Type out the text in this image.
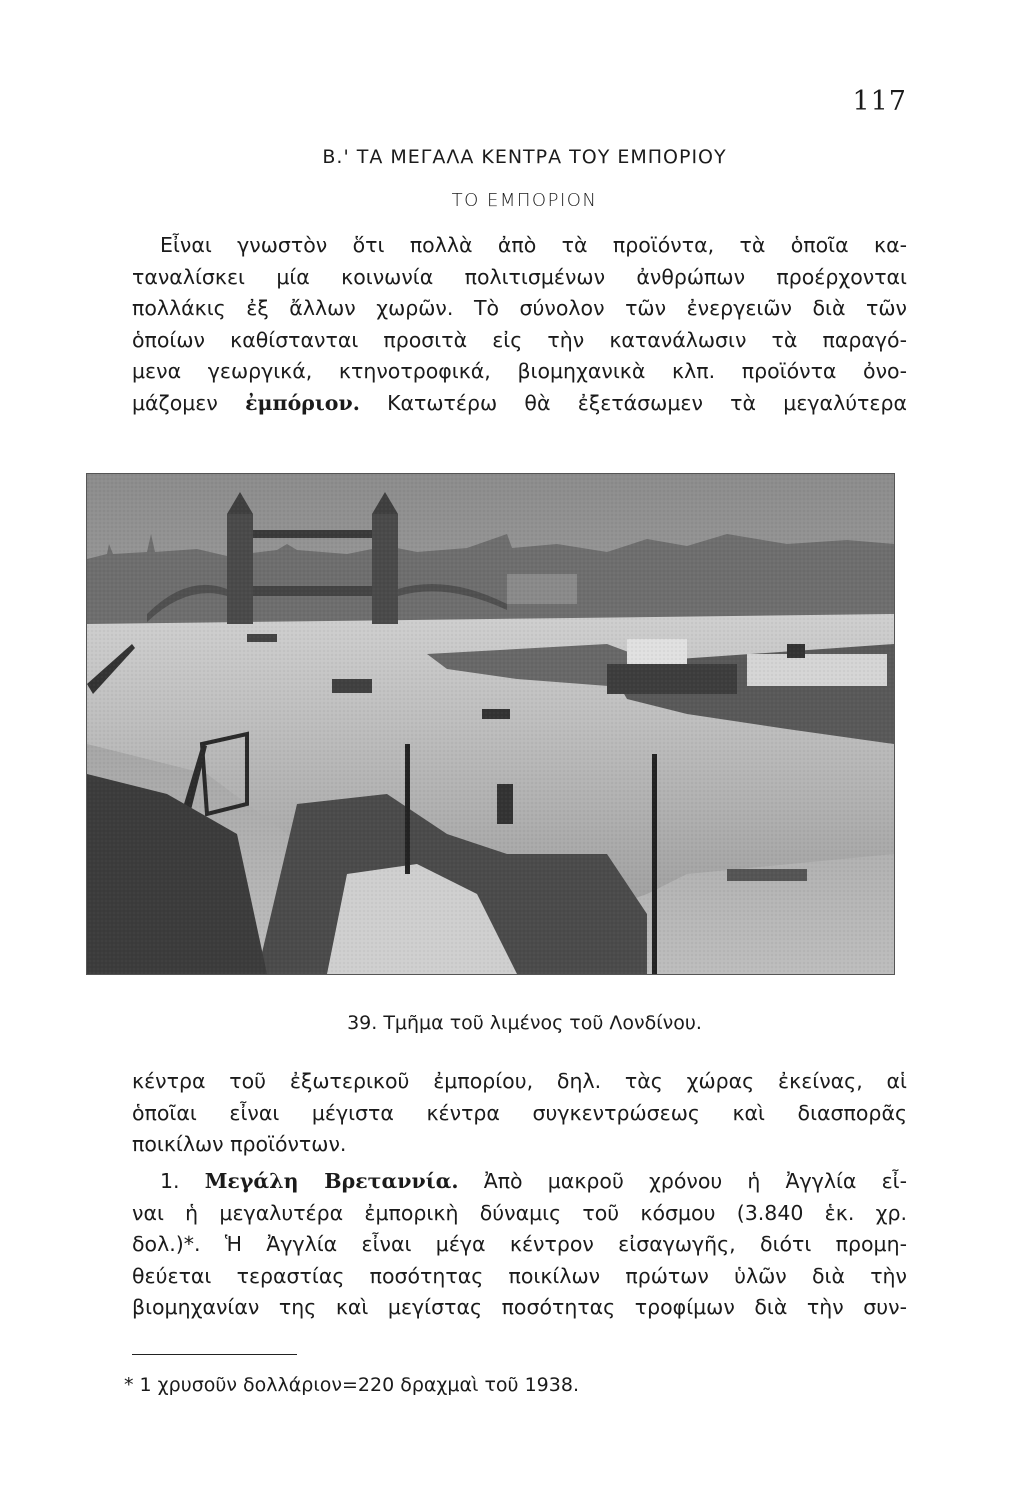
117
Β.' ΤΑ ΜΕΓΑΛΑ ΚΕΝΤΡΑ ΤΟΥ ΕΜΠΟΡΙΟΥ
ΤΟ ΕΜΠΟΡΙΟΝ
Εἶναι γνωστὸν ὅτι πολλὰ ἀπὸ τὰ προϊόντα, τὰ ὁποῖα κα-
ταναλίσκει μία κοινωνία πολιτισμένων ἀνθρώπων προέρχονται
πολλάκις ἐξ ἄλλων χωρῶν. Τὸ σύνολον τῶν ἐνεργειῶν διὰ τῶν
ὁποίων καθίστανται προσιτὰ εἰς τὴν κατανάλωσιν τὰ παραγό-
μενα γεωργικά, κτηνοτροφικά, βιομηχανικὰ κλπ. προϊόντα ὀνο-
μάζομεν ἐμπόριον. Κατωτέρω θὰ ἐξετάσωμεν τὰ μεγαλύτερα
39. Τμῆμα τοῦ λιμένος τοῦ Λονδίνου.
κέντρα τοῦ ἐξωτερικοῦ ἐμπορίου, δηλ. τὰς χώρας ἐκείνας, αἱ
ὁποῖαι εἶναι μέγιστα κέντρα συγκεντρώσεως καὶ διασπορᾶς
ποικίλων προϊόντων.
1. Μεγάλη Βρεταννία. Ἀπὸ μακροῦ χρόνου ἡ Ἀγγλία εἶ-
ναι ἡ μεγαλυτέρα ἐμπορικὴ δύναμις τοῦ κόσμου (3.840 ἑκ. χρ.
δολ.)*. Ἡ Ἀγγλία εἶναι μέγα κέντρον εἰσαγωγῆς, διότι προμη-
θεύεται τεραστίας ποσότητας ποικίλων πρώτων ὑλῶν διὰ τὴν
βιομηχανίαν της καὶ μεγίστας ποσότητας τροφίμων διὰ τὴν συν-
* 1 χρυσοῦν δολλάριον=220 δραχμαὶ τοῦ 1938.
